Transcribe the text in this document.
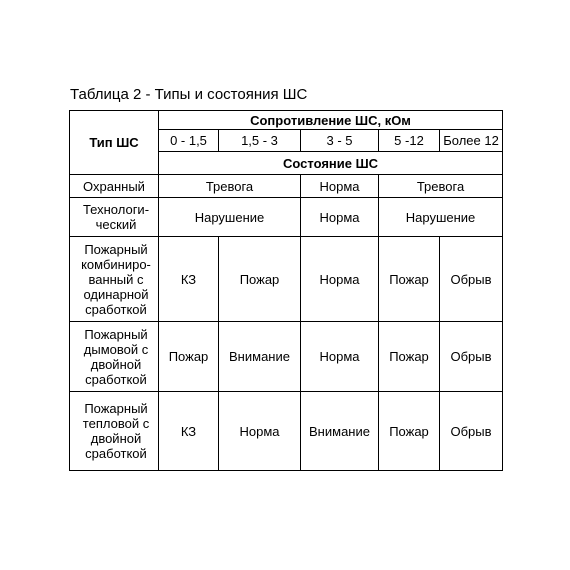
Таблица 2 - Типы и состояния ШС
Тип ШС	Сопротивление ШС, кОм				
	0 - 1,5	1,5 - 3	3 - 5	5 -12	Более 12
	Состояние ШС				
Охранный	Тревога		Норма	Тревога	
Технологи-
ческий	Нарушение		Норма	Нарушение	
Пожарный
комбиниро-
ванный с
одинарной
сработкой	КЗ	Пожар	Норма	Пожар	Обрыв
Пожарный
дымовой с
двойной
сработкой	Пожар	Внимание	Норма	Пожар	Обрыв
Пожарный
тепловой с
двойной
сработкой	КЗ	Норма	Внимание	Пожар	Обрыв
